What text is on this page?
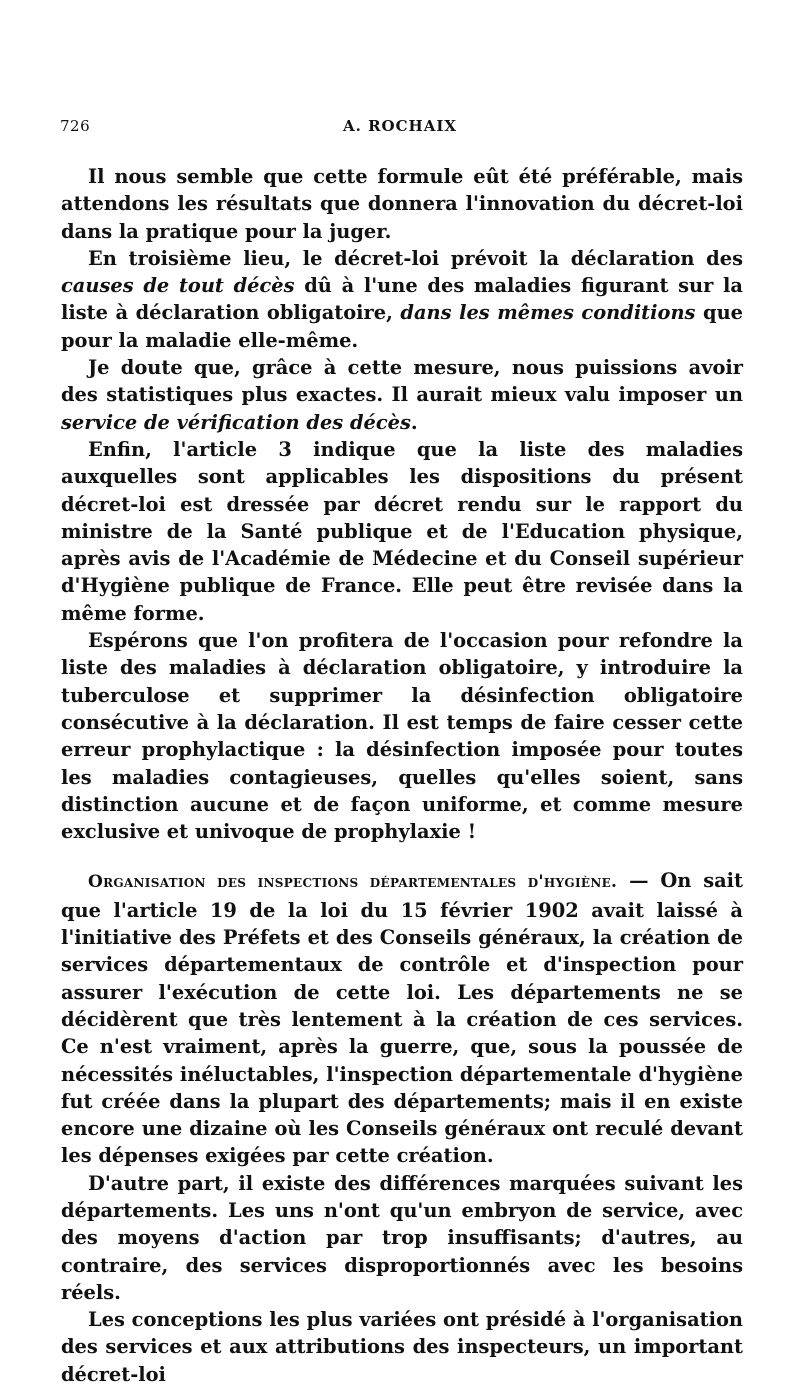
726	A. ROCHAIX

Il nous semble que cette formule eût été préférable, mais attendons les résultats que donnera l'innovation du décret-loi dans la pratique pour la juger.

En troisième lieu, le décret-loi prévoit la déclaration des causes de tout décès dû à l'une des maladies figurant sur la liste à déclaration obligatoire, dans les mêmes conditions que pour la maladie elle-même.

Je doute que, grâce à cette mesure, nous puissions avoir des statistiques plus exactes. Il aurait mieux valu imposer un service de vérification des décès.

Enfin, l'article 3 indique que la liste des maladies auxquelles sont applicables les dispositions du présent décret-loi est dressée par décret rendu sur le rapport du ministre de la Santé publique et de l'Education physique, après avis de l'Académie de Médecine et du Conseil supérieur d'Hygiène publique de France. Elle peut être revisée dans la même forme.

Espérons que l'on profitera de l'occasion pour refondre la liste des maladies à déclaration obligatoire, y introduire la tuberculose et supprimer la désinfection obligatoire consécutive à la déclaration. Il est temps de faire cesser cette erreur prophylactique : la désinfection imposée pour toutes les maladies contagieuses, quelles qu'elles soient, sans distinction aucune et de façon uniforme, et comme mesure exclusive et univoque de prophylaxie !

Organisation des inspections départementales d'hygiène. — On sait que l'article 19 de la loi du 15 février 1902 avait laissé à l'initiative des Préfets et des Conseils généraux, la création de services départementaux de contrôle et d'inspection pour assurer l'exécution de cette loi. Les départements ne se décidèrent que très lentement à la création de ces services. Ce n'est vraiment, après la guerre, que, sous la poussée de nécessités inéluctables, l'inspection départementale d'hygiène fut créée dans la plupart des départements; mais il en existe encore une dizaine où les Conseils généraux ont reculé devant les dépenses exigées par cette création.

D'autre part, il existe des différences marquées suivant les départements. Les uns n'ont qu'un embryon de service, avec des moyens d'action par trop insuffisants; d'autres, au contraire, des services disproportionnés avec les besoins réels.

Les conceptions les plus variées ont présidé à l'organisation des services et aux attributions des inspecteurs, un important décret-loi
